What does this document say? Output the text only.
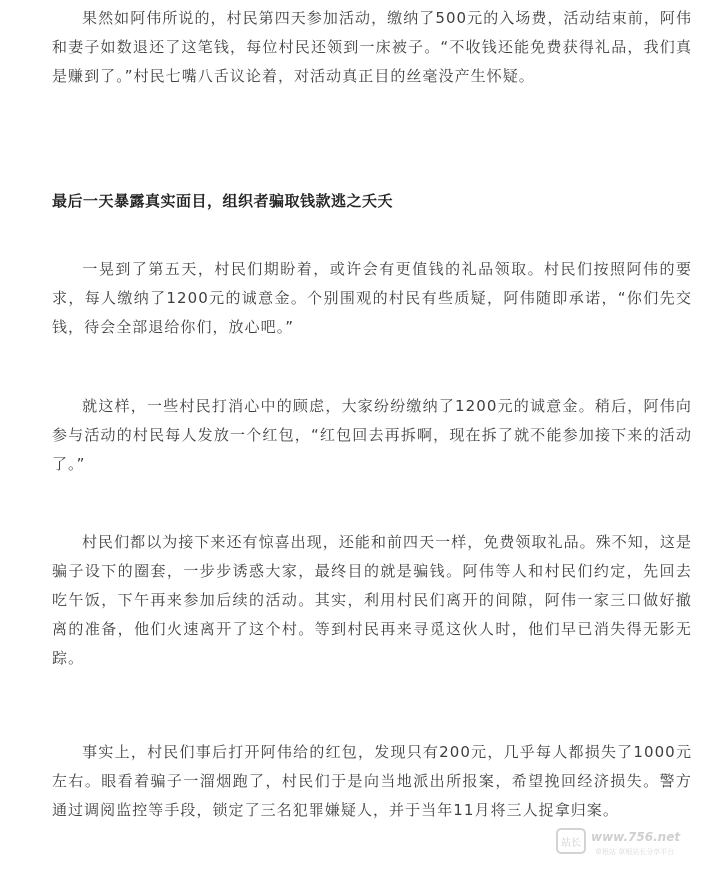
果然如阿伟所说的，村民第四天参加活动，缴纳了500元的入场费，活动结束前，阿伟和妻子如数退还了这笔钱，每位村民还领到一床被子。“不收钱还能免费获得礼品，我们真是赚到了。”村民七嘴八舌议论着，对活动真正目的丝毫没产生怀疑。

最后一天暴露真实面目，组织者骗取钱款逃之夭夭

一晃到了第五天，村民们期盼着，或许会有更值钱的礼品领取。村民们按照阿伟的要求，每人缴纳了1200元的诚意金。个别围观的村民有些质疑，阿伟随即承诺，“你们先交钱，待会全部退给你们，放心吧。”

就这样，一些村民打消心中的顾虑，大家纷纷缴纳了1200元的诚意金。稍后，阿伟向参与活动的村民每人发放一个红包，“红包回去再拆啊，现在拆了就不能参加接下来的活动了。”

村民们都以为接下来还有惊喜出现，还能和前四天一样，免费领取礼品。殊不知，这是骗子设下的圈套，一步步诱惑大家，最终目的就是骗钱。阿伟等人和村民们约定，先回去吃午饭，下午再来参加后续的活动。其实，利用村民们离开的间隙，阿伟一家三口做好撤离的准备，他们火速离开了这个村。等到村民再来寻觅这伙人时，他们早已消失得无影无踪。

事实上，村民们事后打开阿伟给的红包，发现只有200元，几乎每人都损失了1000元左右。眼看着骗子一溜烟跑了，村民们于是向当地派出所报案，希望挽回经济损失。警方通过调阅监控等手段，锁定了三名犯罪嫌疑人，并于当年11月将三人捉拿归案。

站长 www.756.net
草根站 草根站长分享平台
